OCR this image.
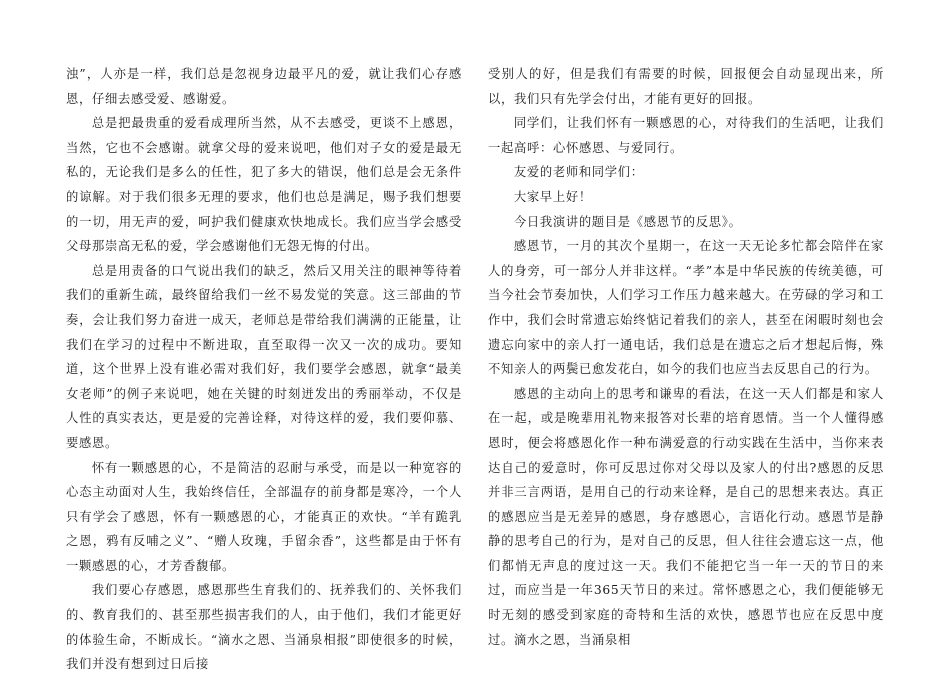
浊”，人亦是一样，我们总是忽视身边最平凡的爱，就让我们心存感恩，仔细去感受爱、感谢爱。

总是把最贵重的爱看成理所当然，从不去感受，更谈不上感恩，当然，它也不会感谢。就拿父母的爱来说吧，他们对子女的爱是最无私的，无论我们是多么的任性，犯了多大的错误，他们总是会无条件的谅解。对于我们很多无理的要求，他们也总是满足，赐予我们想要的一切，用无声的爱，呵护我们健康欢快地成长。我们应当学会感受父母那崇高无私的爱，学会感谢他们无怨无悔的付出。

总是用责备的口气说出我们的缺乏，然后又用关注的眼神等待着我们的重新生疏，最终留给我们一丝不易发觉的笑意。这三部曲的节奏，会让我们努力奋进一成天，老师总是带给我们满满的正能量，让我们在学习的过程中不断进取，直至取得一次又一次的成功。要知道，这个世界上没有谁必需对我们好，我们要学会感恩，就拿“最美女老师”的例子来说吧，她在关键的时刻迸发出的秀丽举动，不仅是人性的真实表达，更是爱的完善诠释，对待这样的爱，我们要仰慕、要感恩。

怀有一颗感恩的心，不是简洁的忍耐与承受，而是以一种宽容的心态主动面对人生，我始终信任，全部温存的前身都是寒冷，一个人只有学会了感恩，怀有一颗感恩的心，才能真正的欢快。“羊有跪乳之恩，鸦有反哺之义”、“赠人玫瑰，手留余香”，这些都是由于怀有一颗感恩的心，才芳香馥郁。

我们要心存感恩，感恩那些生育我们的、抚养我们的、关怀我们的、教育我们的、甚至那些损害我们的人，由于他们，我们才能更好的体验生命，不断成长。“滴水之恩、当涌泉相报”即使很多的时候，我们并没有想到过日后接

受别人的好，但是我们有需要的时候，回报便会自动显现出来，所以，我们只有先学会付出，才能有更好的回报。

同学们，让我们怀有一颗感恩的心，对待我们的生活吧，让我们一起高呼：心怀感恩、与爱同行。

友爱的老师和同学们：

大家早上好！

今日我演讲的题目是《感恩节的反思》。

感恩节，一月的其次个星期一，在这一天无论多忙都会陪伴在家人的身旁，可一部分人并非这样。“孝”本是中华民族的传统美德，可当今社会节奏加快，人们学习工作压力越来越大。在劳碌的学习和工作中，我们会时常遗忘始终惦记着我们的亲人，甚至在闲暇时刻也会遗忘向家中的亲人打一通电话，我们总是在遗忘之后才想起后悔，殊不知亲人的两鬓已愈发花白，如今的我们也应当去反思自己的行为。

感恩的主动向上的思考和谦卑的看法，在这一天人们都是和家人在一起，或是晚辈用礼物来报答对长辈的培育恩情。当一个人懂得感恩时，便会将感恩化作一种布满爱意的行动实践在生活中，当你来表达自己的爱意时，你可反思过你对父母以及家人的付出?感恩的反思并非三言两语，是用自己的行动来诠释，是自己的思想来表达。真正的感恩应当是无差异的感恩，身存感恩心，言语化行动。感恩节是静静的思考自己的行为，是对自己的反思，但人往往会遗忘这一点，他们都悄无声息的度过这一天。我们不能把它当一年一天的节日的来过，而应当是一年365天节日的来过。常怀感恩之心，我们便能够无时无刻的感受到家庭的奇特和生活的欢快，感恩节也应在反思中度过。滴水之恩，当涌泉相
